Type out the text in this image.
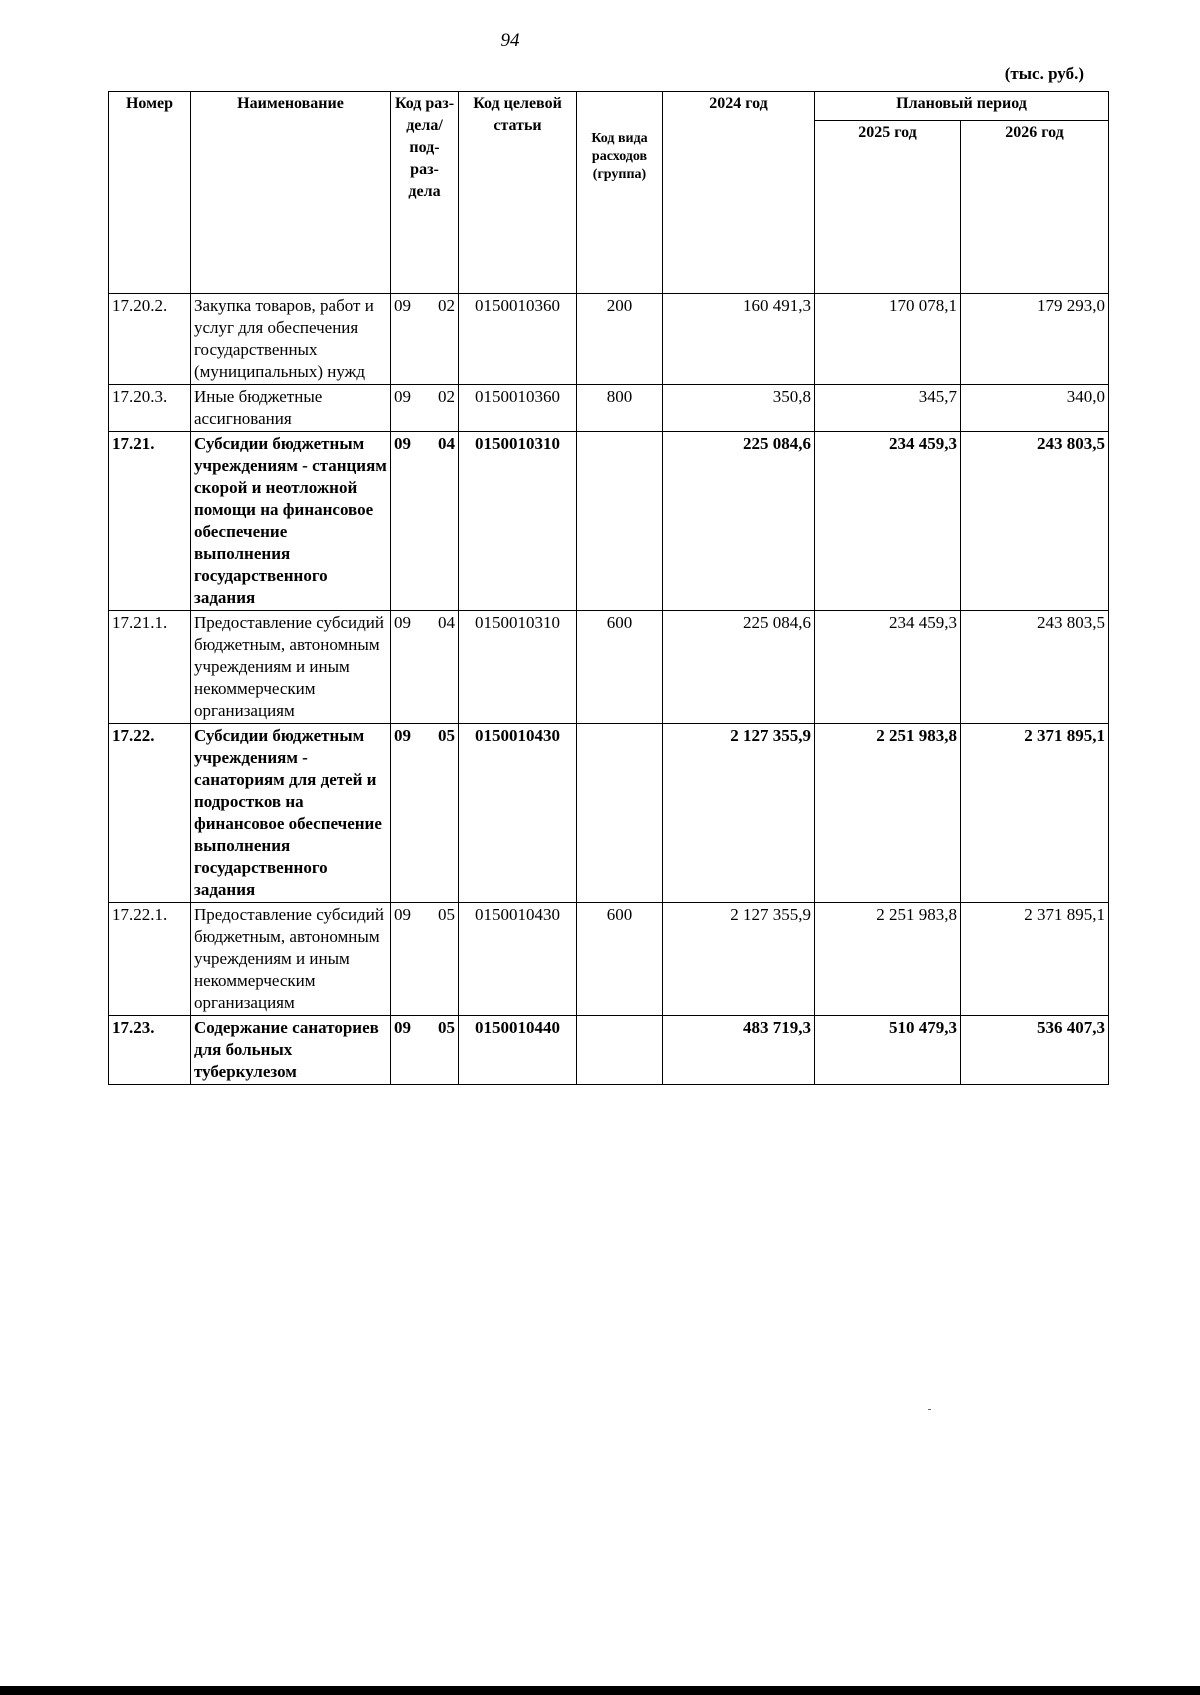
94
(тыс. руб.)
Номер	Наименование	Код раз- дела/ под- раз- дела	Код целевой статьи	Код вида расходов (группа)	2024 год	Плановый период	
						2025 год	2026 год
17.20.2.	Закупка товаров, работ и услуг для обеспечения государственных (муниципальных) нужд	09 02	0150010360	200	160 491,3	170 078,1	179 293,0
17.20.3.	Иные бюджетные ассигнования	09 02	0150010360	800	350,8	345,7	340,0
17.21.	Субсидии бюджетным учреждениям - станциям скорой и неотложной помощи на финансовое обеспечение выполнения государственного задания	09 04	0150010310		225 084,6	234 459,3	243 803,5
17.21.1.	Предоставление субсидий бюджетным, автономным учреждениям и иным некоммерческим организациям	09 04	0150010310	600	225 084,6	234 459,3	243 803,5
17.22.	Субсидии бюджетным учреждениям - санаториям для детей и подростков на финансовое обеспечение выполнения государственного задания	09 05	0150010430		2 127 355,9	2 251 983,8	2 371 895,1
17.22.1.	Предоставление субсидий бюджетным, автономным учреждениям и иным некоммерческим организациям	09 05	0150010430	600	2 127 355,9	2 251 983,8	2 371 895,1
17.23.	Содержание санаториев для больных туберкулезом	09 05	0150010440		483 719,3	510 479,3	536 407,3
